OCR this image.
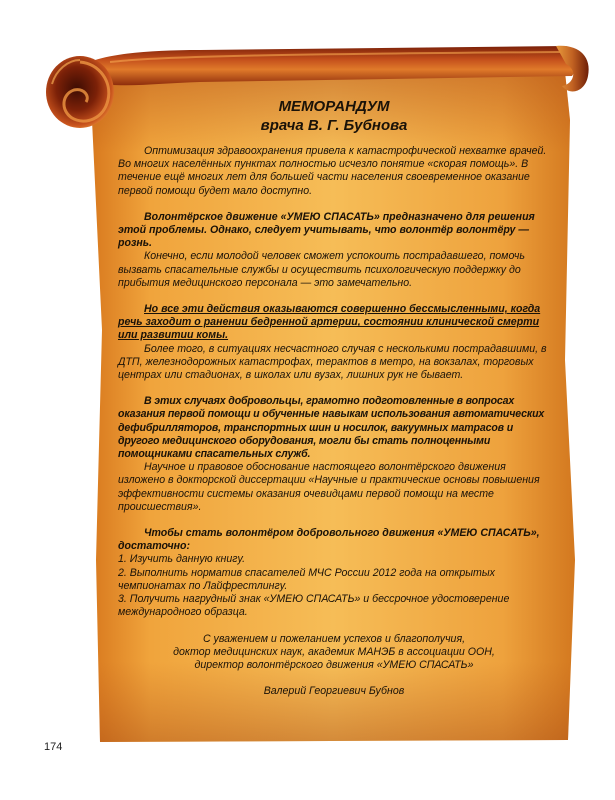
МЕМОРАНДУМ

врача В. Г. Бубнова

Оптимизация здравоохранения привела к катастрофической нехватке врачей. Во многих населённых пунктах полностью исчезло понятие «скорая помощь». В течение ещё многих лет для большей части населения своевременное оказание первой помощи будет мало доступно.

Волонтёрское движение «УМЕЮ СПАСАТЬ» предназначено для решения этой проблемы. Однако, следует учитывать, что волонтёр волонтёру — рознь.

Конечно, если молодой человек сможет успокоить пострадавшего, помочь вызвать спасательные службы и осуществить психологическую поддержку до прибытия медицинского персонала — это замечательно.

Но все эти действия оказываются совершенно бессмысленными, когда речь заходит о ранении бедренной артерии, состоянии клинической смерти или развитии комы.

Более того, в ситуациях несчастного случая с несколькими пострадавшими, в ДТП, железнодорожных катастрофах, терактов в метро, на вокзалах, торговых центрах или стадионах, в школах или вузах, лишних рук не бывает.

В этих случаях добровольцы, грамотно подготовленные в вопросах оказания первой помощи и обученные навыкам использования автоматических дефибрилляторов, транспортных шин и носилок, вакуумных матрасов и другого медицинского оборудования, могли бы стать полноценными помощниками спасательных служб.

Научное и правовое обоснование настоящего волонтёрского движения изложено в докторской диссертации «Научные и практические основы повышения эффективности системы оказания очевидцами первой помощи на месте происшествия».

Чтобы стать волонтёром добровольного движения «УМЕЮ СПАСАТЬ», достаточно:

1. Изучить данную книгу.

2. Выполнить норматив спасателей МЧС России 2012 года на открытых чемпионатах по Лайфрестлингу.

3. Получить нагрудный знак «УМЕЮ СПАСАТЬ» и бессрочное удостоверение международного образца.

С уважением и пожеланием успехов и благополучия,

доктор медицинских наук, академик МАНЭБ в ассоциации ООН,

директор волонтёрского движения «УМЕЮ СПАСАТЬ»

Валерий Георгиевич Бубнов

174
